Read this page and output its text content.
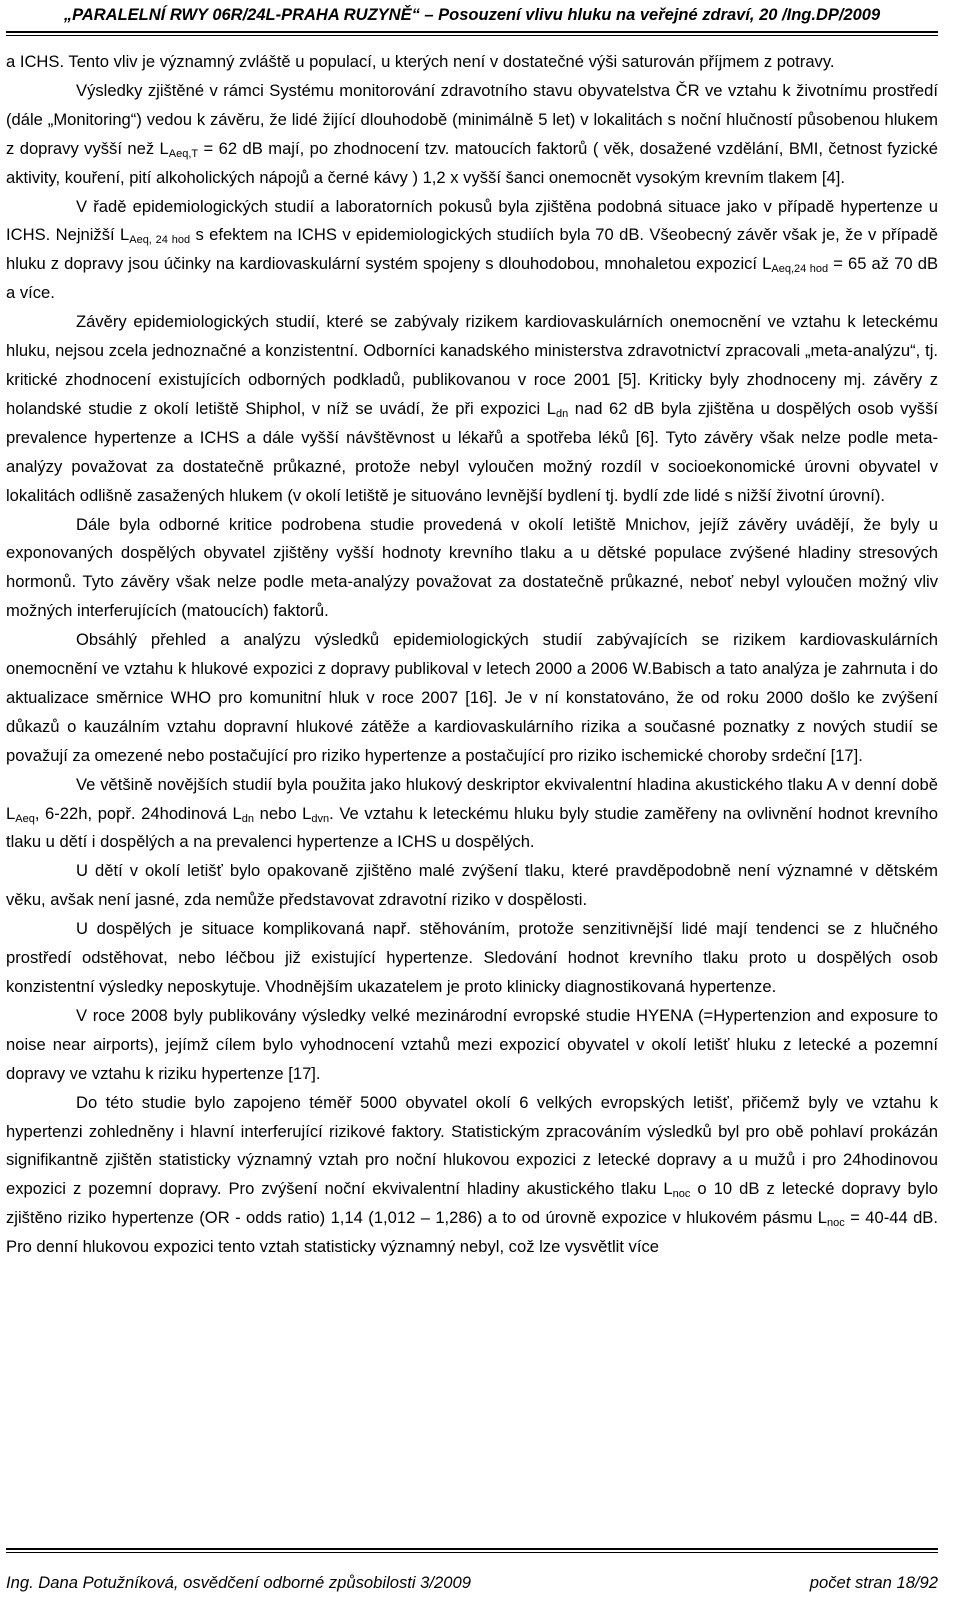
„PARALELNÍ RWY 06R/24L-PRAHA RUZYNĚ“ – Posouzení vlivu hluku na veřejné zdraví, 20 /Ing.DP/2009

a ICHS. Tento vliv je významný zvláště u populací, u kterých není v dostatečné výši saturován příjmem z potravy.

Výsledky zjištěné v rámci Systému monitorování zdravotního stavu obyvatelstva ČR ve vztahu k životnímu prostředí (dále „Monitoring“) vedou k závěru, že lidé žijící dlouhodobě (minimálně 5 let) v lokalitách s noční hlučností působenou hlukem z dopravy vyšší než $L_{Aeq,T} = 62$ dB mají, po zhodnocení tzv. matoucích faktorů ( věk, dosažené vzdělání, BMI, četnost fyzické aktivity, kouření, pití alkoholických nápojů a černé kávy ) 1,2 x vyšší šanci onemocnět vysokým krevním tlakem [4].

V řadě epidemiologických studií a laboratorních pokusů byla zjištěna podobná situace jako v případě hypertenze u ICHS. Nejnižší $L_{Aeq, 24 hod}$ s efektem na ICHS v epidemiologických studiích byla 70 dB. Všeobecný závěr však je, že v případě hluku z dopravy jsou účinky na kardiovaskulární systém spojeny s dlouhodobou, mnohaletou expozicí $L_{Aeq,24 hod} = 65$ až 70 dB a více.

Závěry epidemiologických studií, které se zabývaly rizikem kardiovaskulárních onemocnění ve vztahu k leteckému hluku, nejsou zcela jednoznačné a konzistentní. Odborníci kanadského ministerstva zdravotnictví zpracovali „meta-analýzu“, tj. kritické zhodnocení existujících odborných podkladů, publikovanou v roce 2001 [5]. Kriticky byly zhodnoceny mj. závěry z holandské studie z okolí letiště Shiphol, v níž se uvádí, že při expozici $L_{dn}$ nad 62 dB byla zjištěna u dospělých osob vyšší prevalence hypertenze a ICHS a dále vyšší návštěvnost u lékařů a spotřeba léků [6]. Tyto závěry však nelze podle meta-analýzy považovat za dostatečně průkazné, protože nebyl vyloučen možný rozdíl v socioekonomické úrovni obyvatel v lokalitách odlišně zasažených hlukem (v okolí letiště je situováno levnější bydlení tj. bydlí zde lidé s nižší životní úrovní).

Dále byla odborné kritice podrobena studie provedená v okolí letiště Mnichov, jejíž závěry uvádějí, že byly u exponovaných dospělých obyvatel zjištěny vyšší hodnoty krevního tlaku a u dětské populace zvýšené hladiny stresových hormonů. Tyto závěry však nelze podle meta-analýzy považovat za dostatečně průkazné, neboť nebyl vyloučen možný vliv možných interferujících (matoucích) faktorů.

Obsáhlý přehled a analýzu výsledků epidemiologických studií zabývajících se rizikem kardiovaskulárních onemocnění ve vztahu k hlukové expozici z dopravy publikoval v letech 2000 a 2006 W.Babisch a tato analýza je zahrnuta i do aktualizace směrnice WHO pro komunitní hluk v roce 2007 [16]. Je v ní konstatováno, že od roku 2000 došlo ke zvýšení důkazů o kauzálním vztahu dopravní hlukové zátěže a kardiovaskulárního rizika a současné poznatky z nových studií se považují za omezené nebo postačující pro riziko hypertenze a postačující pro riziko ischemické choroby srdeční [17].

Ve většině novějších studií byla použita jako hlukový deskriptor ekvivalentní hladina akustického tlaku A v denní době $L_{Aeq}$, 6-22h, popř. 24hodinová $L_{dn}$ nebo $L_{dvn}$. Ve vztahu k leteckému hluku byly studie zaměřeny na ovlivnění hodnot krevního tlaku u dětí i dospělých a na prevalenci hypertenze a ICHS u dospělých.

U dětí v okolí letišť bylo opakovaně zjištěno malé zvýšení tlaku, které pravděpodobně není významné v dětském věku, avšak není jasné, zda nemůže představovat zdravotní riziko v dospělosti.

U dospělých je situace komplikovaná např. stěhováním, protože senzitivnější lidé mají tendenci se z hlučného prostředí odstěhovat, nebo léčbou již existující hypertenze. Sledování hodnot krevního tlaku proto u dospělých osob konzistentní výsledky neposkytuje. Vhodnějším ukazatelem je proto klinicky diagnostikovaná hypertenze.

V roce 2008 byly publikovány výsledky velké mezinárodní evropské studie HYENA (=Hypertenzion and exposure to noise near airports), jejímž cílem bylo vyhodnocení vztahů mezi expozicí obyvatel v okolí letišť hluku z letecké a pozemní dopravy ve vztahu k riziku hypertenze [17].

Do této studie bylo zapojeno téměř 5000 obyvatel okolí 6 velkých evropských letišť, přičemž byly ve vztahu k hypertenzi zohledněny i hlavní interferující rizikové faktory. Statistickým zpracováním výsledků byl pro obě pohlaví prokázán signifikantně zjištěn statisticky významný vztah pro noční hlukovou expozici z letecké dopravy a u mužů i pro 24hodinovou expozici z pozemní dopravy. Pro zvýšení noční ekvivalentní hladiny akustického tlaku $L_{noc}$ o 10 dB z letecké dopravy bylo zjištěno riziko hypertenze (OR - odds ratio) 1,14 (1,012 – 1,286) a to od úrovně expozice v hlukovém pásmu $L_{noc} = 40-44$ dB. Pro denní hlukovou expozici tento vztah statisticky významný nebyl, což lze vysvětlit více

Ing. Dana Potužníková, osvědčení odborné způsobilosti 3/2009	počet stran 18/92
